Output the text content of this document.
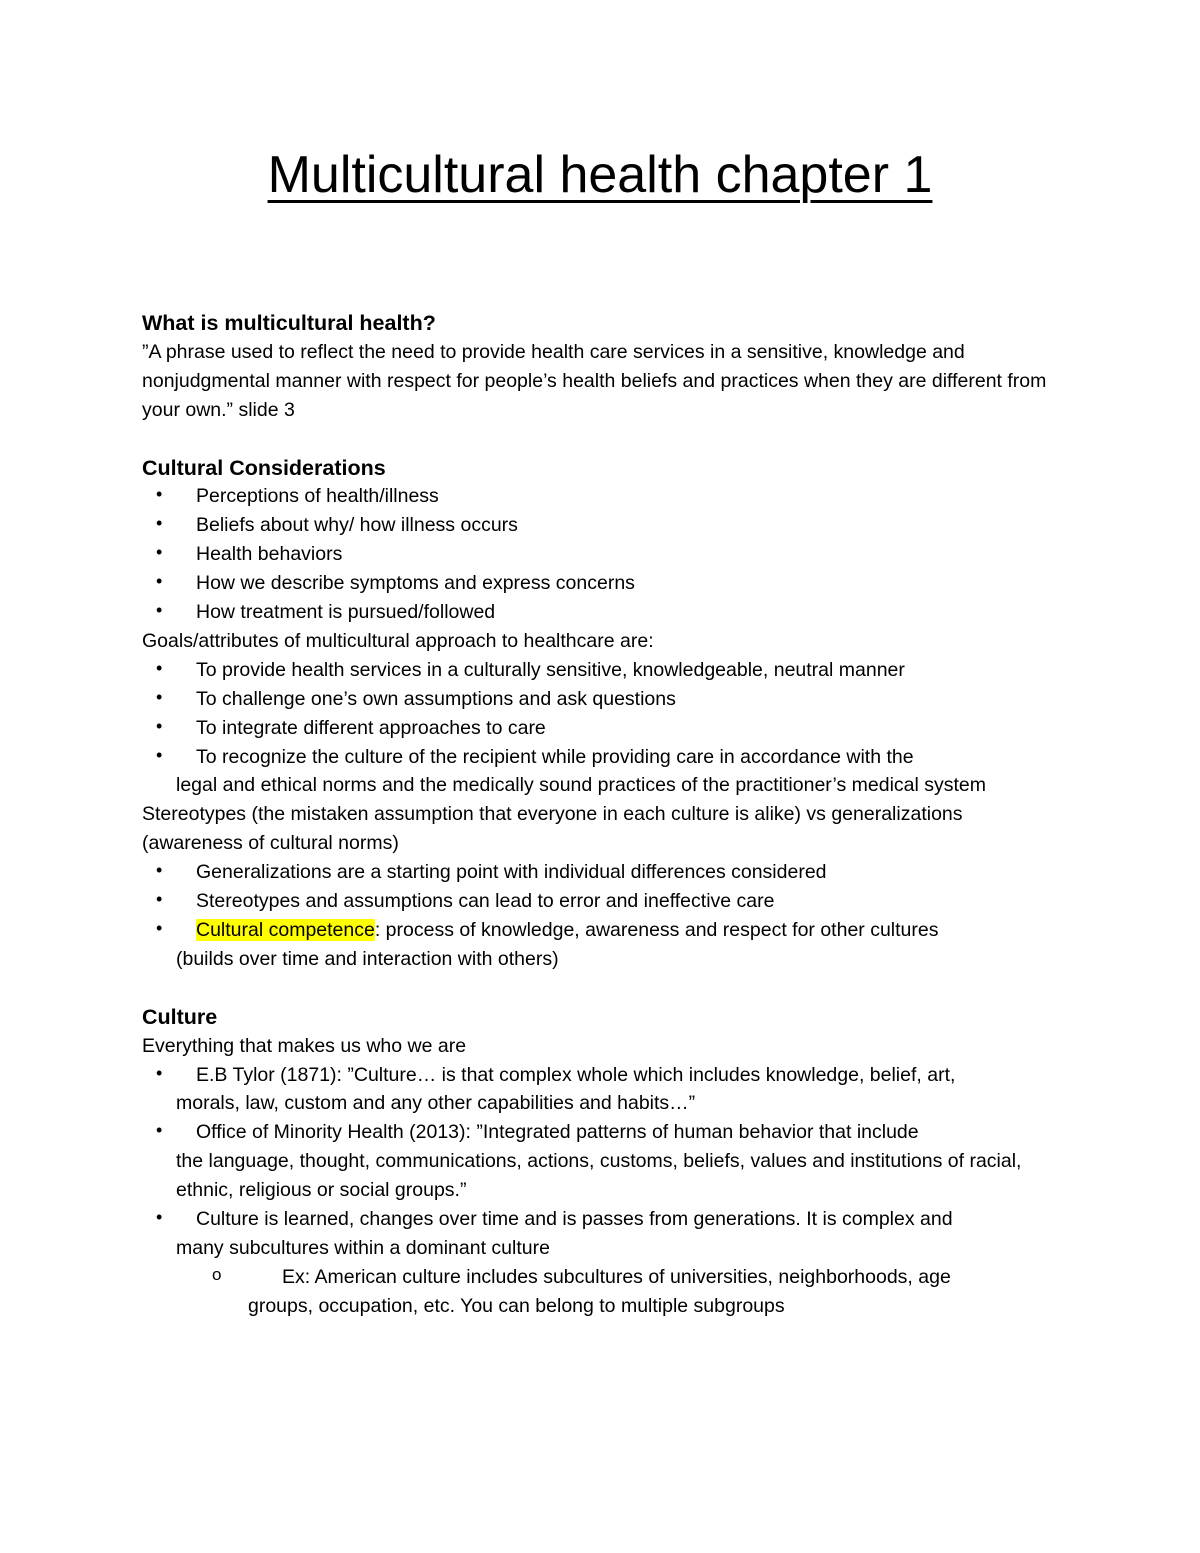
Multicultural health chapter 1

What is multicultural health?

”A phrase used to reflect the need to provide health care services in a sensitive, knowledge and nonjudgmental manner with respect for people’s health beliefs and practices when they are different from your own.” slide 3

Cultural Considerations

• Perceptions of health/illness
• Beliefs about why/ how illness occurs
• Health behaviors
• How we describe symptoms and express concerns
• How treatment is pursued/followed

Goals/attributes of multicultural approach to healthcare are:

• To provide health services in a culturally sensitive, knowledgeable, neutral manner
• To challenge one’s own assumptions and ask questions
• To integrate different approaches to care
• To recognize the culture of the recipient while providing care in accordance with the
legal and ethical norms and the medically sound practices of the practitioner’s medical system

Stereotypes (the mistaken assumption that everyone in each culture is alike) vs generalizations (awareness of cultural norms)

• Generalizations are a starting point with individual differences considered
• Stereotypes and assumptions can lead to error and ineffective care
• Cultural competence: process of knowledge, awareness and respect for other cultures
(builds over time and interaction with others)

Culture

Everything that makes us who we are

• E.B Tylor (1871): ”Culture… is that complex whole which includes knowledge, belief, art,
morals, law, custom and any other capabilities and habits…”
• Office of Minority Health (2013): ”Integrated patterns of human behavior that include
the language, thought, communications, actions, customs, beliefs, values and institutions of racial, ethnic, religious or social groups.”
• Culture is learned, changes over time and is passes from generations. It is complex and
many subcultures within a dominant culture
o	Ex: American culture includes subcultures of universities, neighborhoods, age
groups, occupation, etc. You can belong to multiple subgroups
